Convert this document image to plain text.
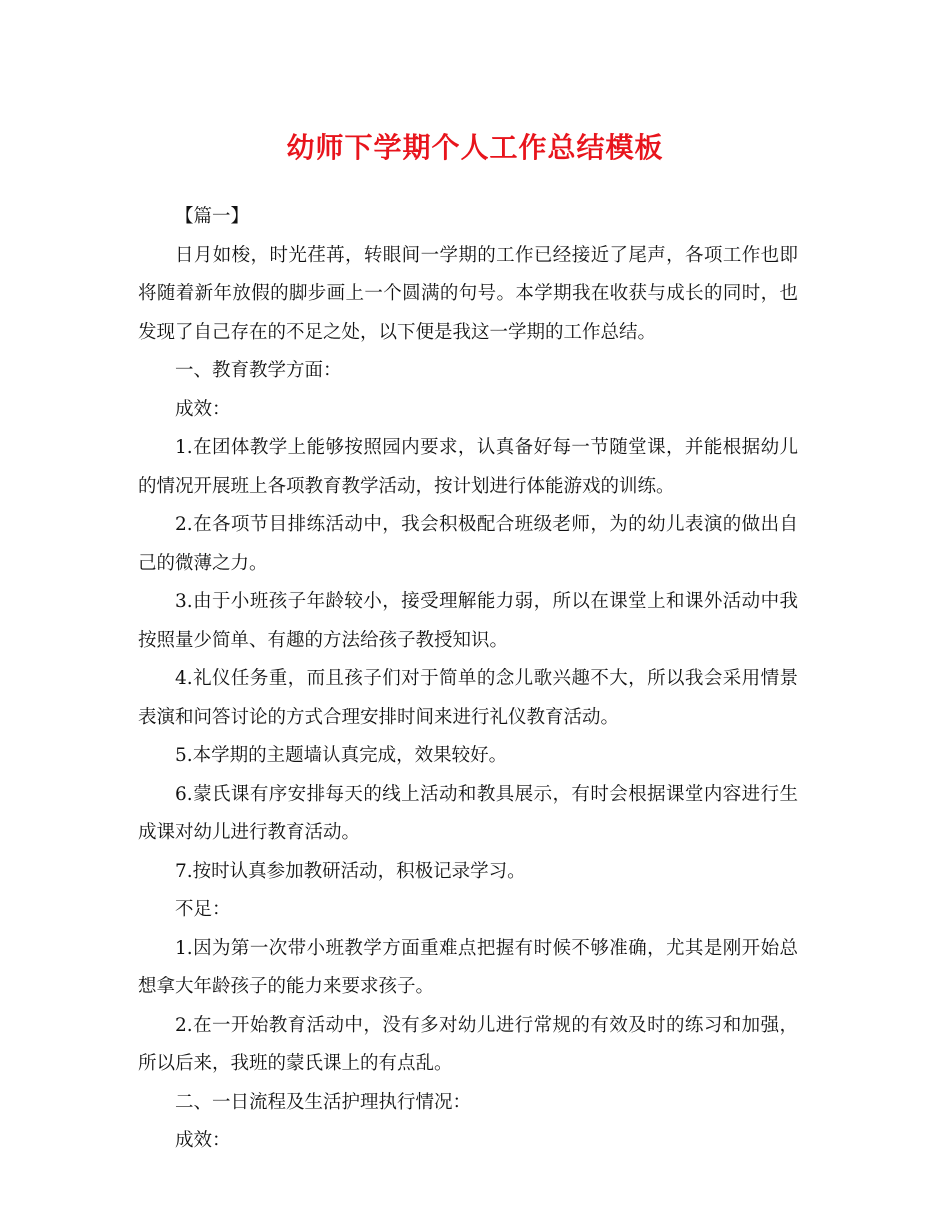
幼师下学期个人工作总结模板

【篇一】

日月如梭，时光荏苒，转眼间一学期的工作已经接近了尾声，各项工作也即将随着新年放假的脚步画上一个圆满的句号。本学期我在收获与成长的同时，也发现了自己存在的不足之处，以下便是我这一学期的工作总结。

一、教育教学方面：

成效：

1.在团体教学上能够按照园内要求，认真备好每一节随堂课，并能根据幼儿的情况开展班上各项教育教学活动，按计划进行体能游戏的训练。

2.在各项节目排练活动中，我会积极配合班级老师，为的幼儿表演的做出自己的微薄之力。

3.由于小班孩子年龄较小，接受理解能力弱，所以在课堂上和课外活动中我按照量少简单、有趣的方法给孩子教授知识。

4.礼仪任务重，而且孩子们对于简单的念儿歌兴趣不大，所以我会采用情景表演和问答讨论的方式合理安排时间来进行礼仪教育活动。

5.本学期的主题墙认真完成，效果较好。

6.蒙氏课有序安排每天的线上活动和教具展示，有时会根据课堂内容进行生成课对幼儿进行教育活动。

7.按时认真参加教研活动，积极记录学习。

不足：

1.因为第一次带小班教学方面重难点把握有时候不够准确，尤其是刚开始总想拿大年龄孩子的能力来要求孩子。

2.在一开始教育活动中，没有多对幼儿进行常规的有效及时的练习和加强，所以后来，我班的蒙氏课上的有点乱。

二、一日流程及生活护理执行情况：

成效：
